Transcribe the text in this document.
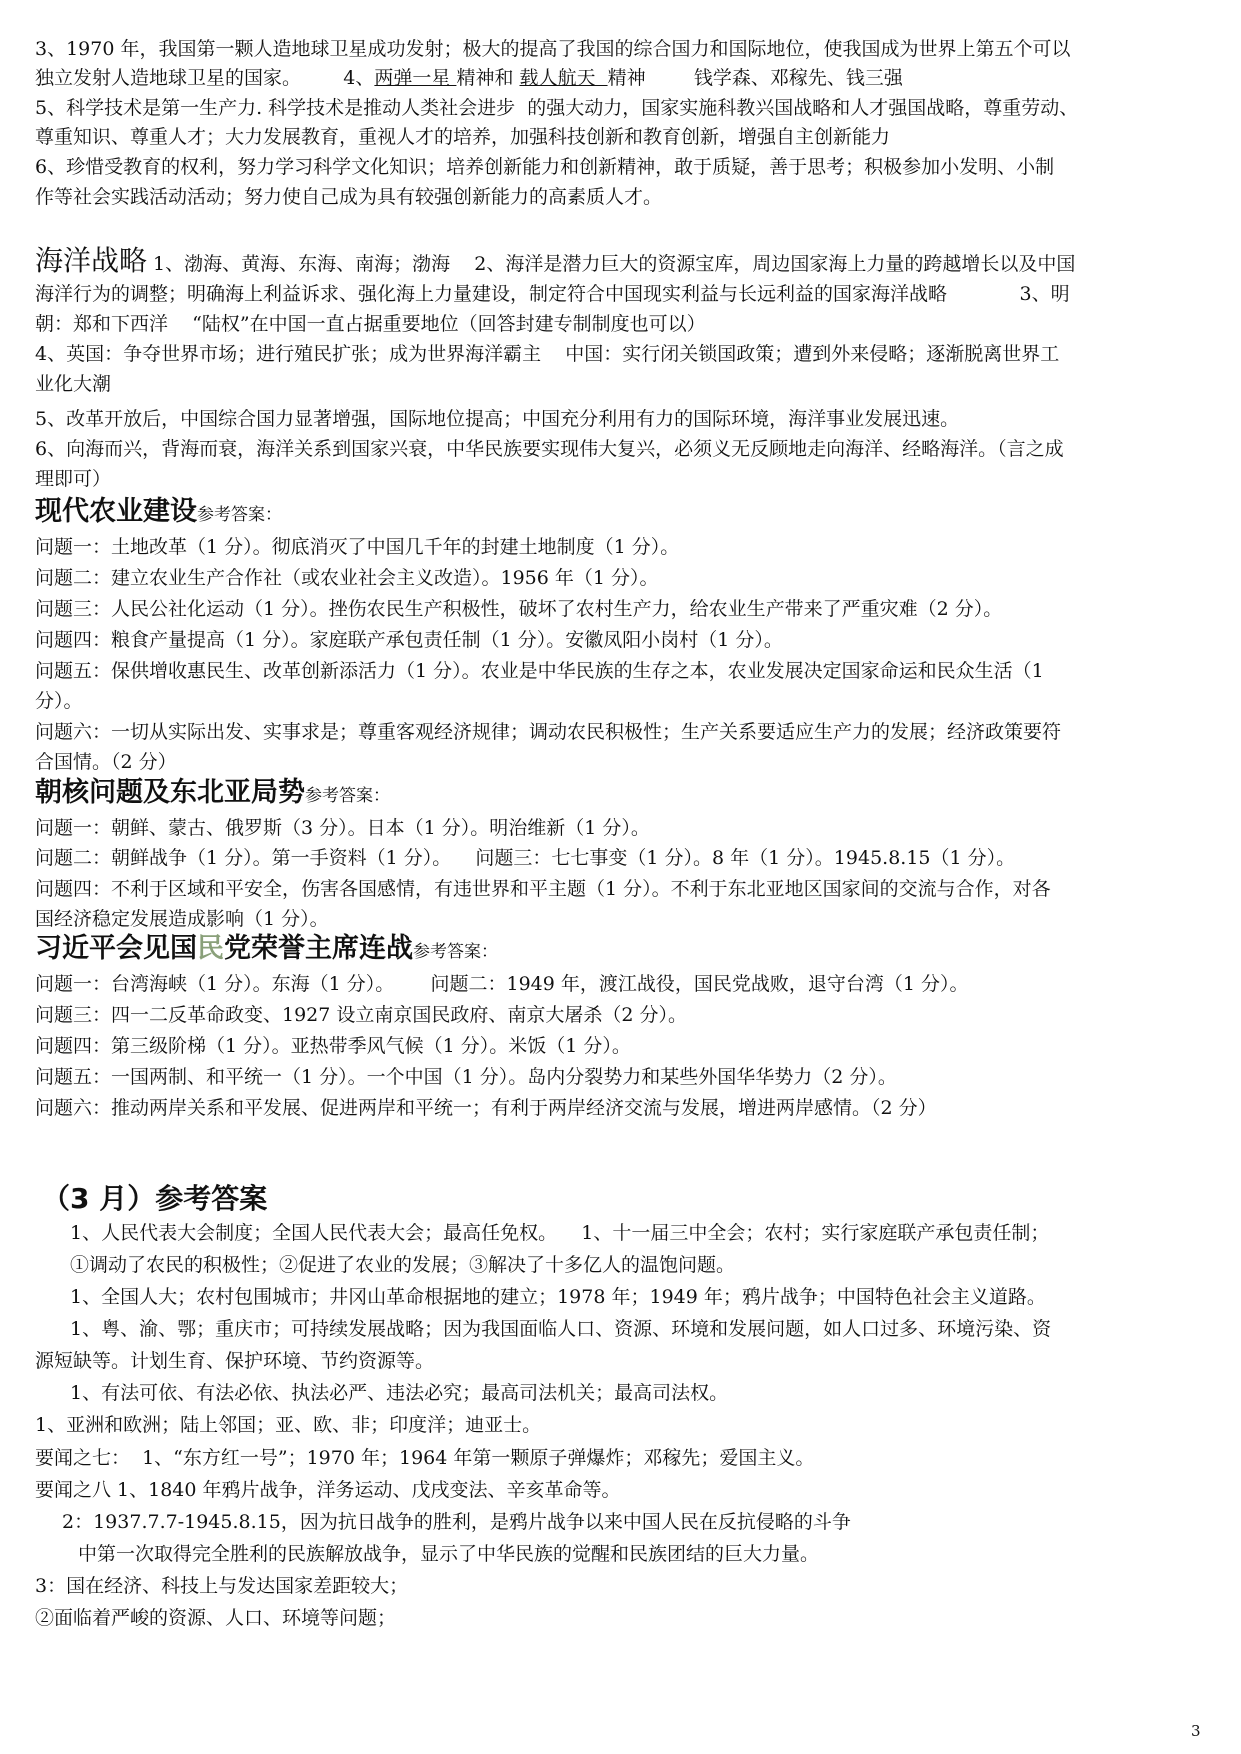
3、1970 年，我国第一颗人造地球卫星成功发射；极大的提高了我国的综合国力和国际地位，使我国成为世界上第五个可以
独立发射人造地球卫星的国家。 4、两弹一星 精神和 载人航天  精神        钱学森、邓稼先、钱三强
5、科学技术是第一生产力. 科学技术是推动人类社会进步  的强大动力，国家实施科教兴国战略和人才强国战略，尊重劳动、
尊重知识、尊重人才；大力发展教育，重视人才的培养，加强科技创新和教育创新，增强自主创新能力
6、珍惜受教育的权利，努力学习科学文化知识；培养创新能力和创新精神，敢于质疑，善于思考；积极参加小发明、小制
作等社会实践活动活动；努力使自己成为具有较强创新能力的高素质人才。
海洋战略 1、渤海、黄海、东海、南海；渤海    2、海洋是潜力巨大的资源宝库，周边国家海上力量的跨越增长以及中国
海洋行为的调整；明确海上利益诉求、强化海上力量建设，制定符合中国现实利益与长远利益的国家海洋战略            3、明
朝：郑和下西洋    “陆权”在中国一直占据重要地位（回答封建专制制度也可以）
4、英国：争夺世界市场；进行殖民扩张；成为世界海洋霸主    中国：实行闭关锁国政策；遭到外来侵略；逐渐脱离世界工
业化大潮
5、改革开放后，中国综合国力显著增强，国际地位提高；中国充分利用有力的国际环境，海洋事业发展迅速。
6、向海而兴，背海而衰，海洋关系到国家兴衰，中华民族要实现伟大复兴，必须义无反顾地走向海洋、经略海洋。（言之成
理即可）
现代农业建设参考答案：
问题一：土地改革（1 分）。彻底消灭了中国几千年的封建土地制度（1 分）。
问题二：建立农业生产合作社（或农业社会主义改造）。1956 年（1 分）。
问题三：人民公社化运动（1 分）。挫伤农民生产积极性，破坏了农村生产力，给农业生产带来了严重灾难（2 分）。
问题四：粮食产量提高（1 分）。家庭联产承包责任制（1 分）。安徽凤阳小岗村（1 分）。
问题五：保供增收惠民生、改革创新添活力（1 分）。农业是中华民族的生存之本，农业发展决定国家命运和民众生活（1
分）。
问题六：一切从实际出发、实事求是；尊重客观经济规律；调动农民积极性；生产关系要适应生产力的发展；经济政策要符
合国情。（2 分）
朝核问题及东北亚局势参考答案：
问题一：朝鲜、蒙古、俄罗斯（3 分）。日本（1 分）。明治维新（1 分）。
问题二：朝鲜战争（1 分）。第一手资料（1 分）。    问题三：七七事变（1 分）。8 年（1 分）。1945.8.15（1 分）。
问题四：不利于区域和平安全，伤害各国感情，有违世界和平主题（1 分）。不利于东北亚地区国家间的交流与合作，对各
国经济稳定发展造成影响（1 分）。
习近平会见国民党荣誉主席连战参考答案：
问题一：台湾海峡（1 分）。东海（1 分）。      问题二：1949 年，渡江战役，国民党战败，退守台湾（1 分）。
问题三：四一二反革命政变、1927 设立南京国民政府、南京大屠杀（2 分）。
问题四：第三级阶梯（1 分）。亚热带季风气候（1 分）。米饭（1 分）。
问题五：一国两制、和平统一（1 分）。一个中国（1 分）。岛内分裂势力和某些外国华华势力（2 分）。
问题六：推动两岸关系和平发展、促进两岸和平统一；有利于两岸经济交流与发展，增进两岸感情。（2 分）
（3 月）参考答案
1、人民代表大会制度；全国人民代表大会；最高任免权。    1、十一届三中全会；农村；实行家庭联产承包责任制；
①调动了农民的积极性；②促进了农业的发展；③解决了十多亿人的温饱问题。
1、全国人大；农村包围城市；井冈山革命根据地的建立；1978 年；1949 年；鸦片战争；中国特色社会主义道路。
1、粤、渝、鄂；重庆市；可持续发展战略；因为我国面临人口、资源、环境和发展问题，如人口过多、环境污染、资
源短缺等。计划生育、保护环境、节约资源等。
1、有法可依、有法必依、执法必严、违法必究；最高司法机关；最高司法权。
1、亚洲和欧洲；陆上邻国；亚、欧、非；印度洋；迪亚士。
要闻之七：  1、“东方红一号”；1970 年；1964 年第一颗原子弹爆炸；邓稼先；爱国主义。
要闻之八 1、1840 年鸦片战争，洋务运动、戊戌变法、辛亥革命等。
2：1937.7.7-1945.8.15，因为抗日战争的胜利，是鸦片战争以来中国人民在反抗侵略的斗争
中第一次取得完全胜利的民族解放战争，显示了中华民族的觉醒和民族团结的巨大力量。
3：国在经济、科技上与发达国家差距较大；
②面临着严峻的资源、人口、环境等问题；
3
